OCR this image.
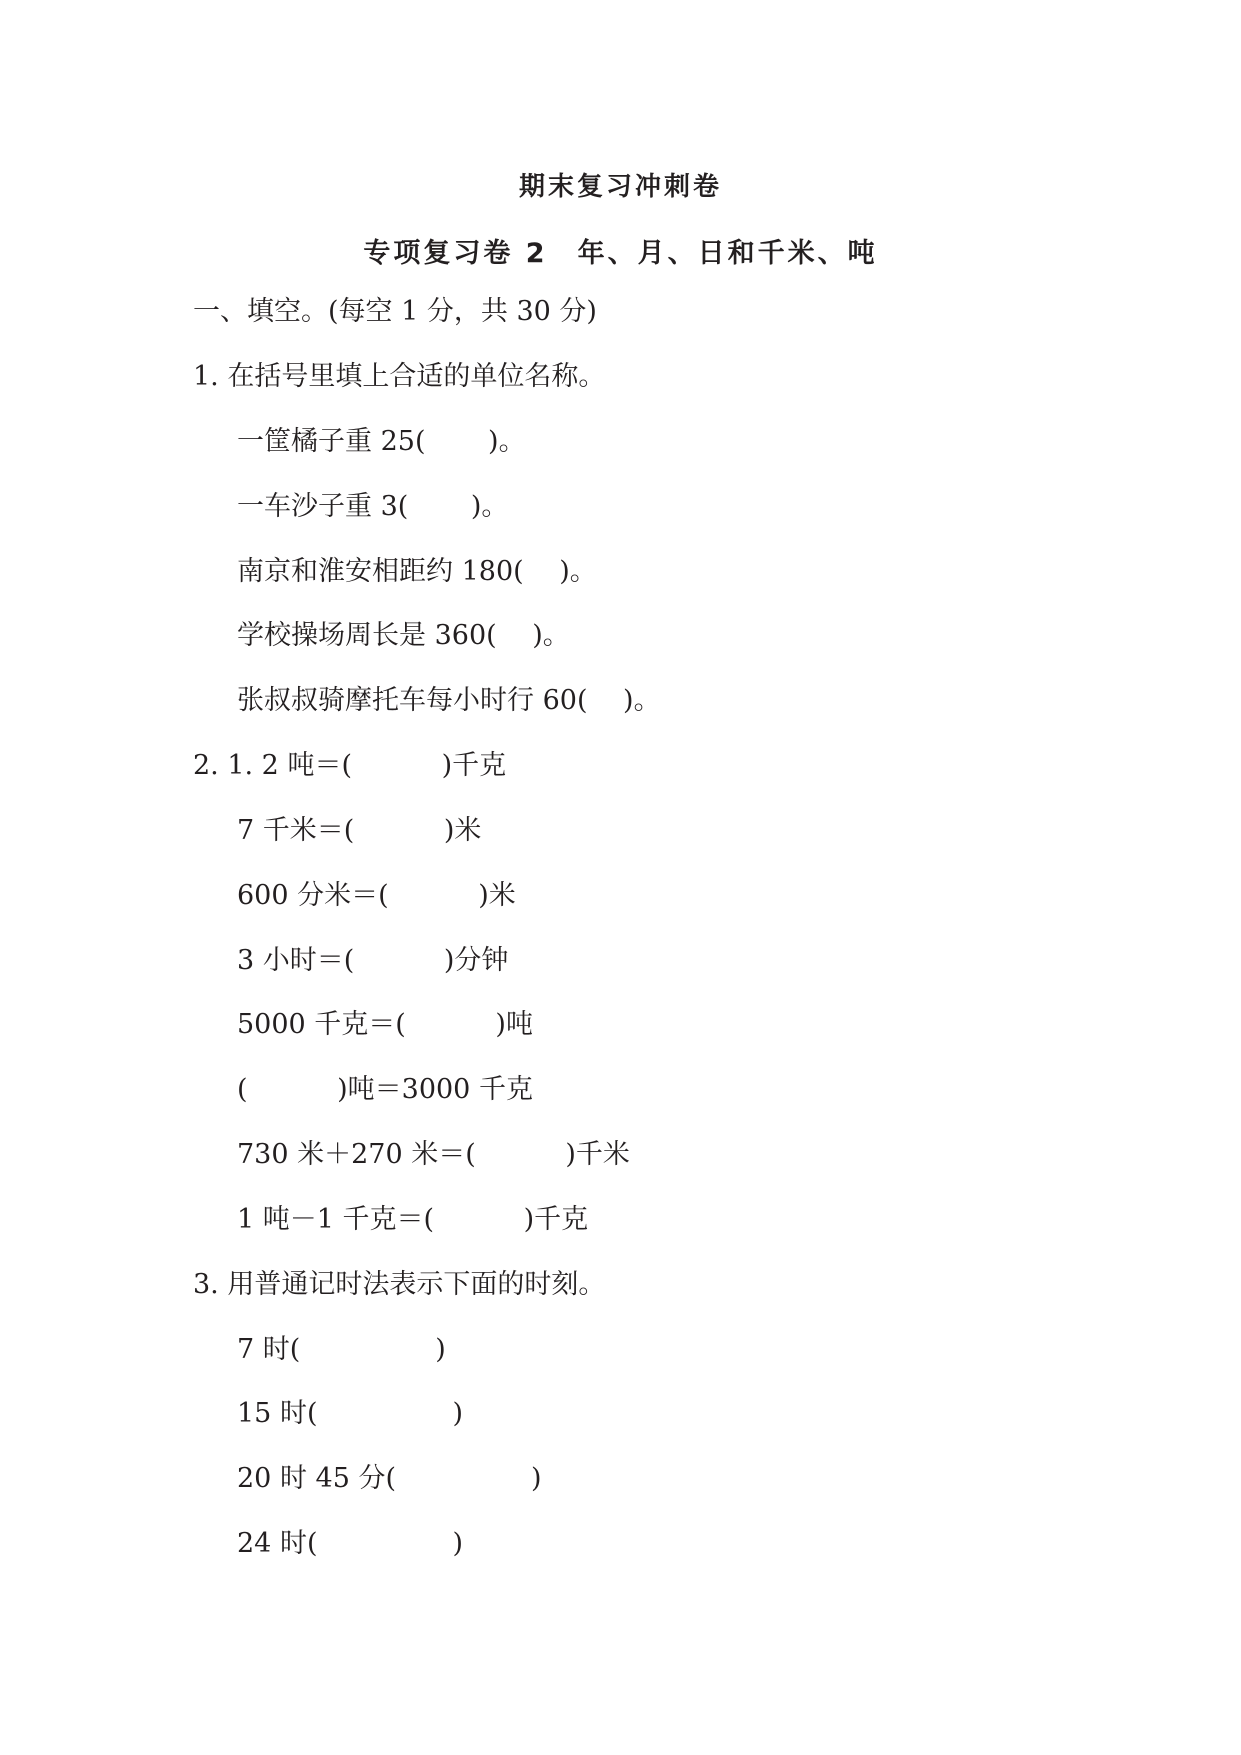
期末复习冲刺卷
专项复习卷 2　年、月、日和千米、吨
一、填空。(每空 1 分，共 30 分)
1. 在括号里填上合适的单位名称。
一筐橘子重 25(　　 )。
一车沙子重 3(　　 )。
南京和淮安相距约 180(　 )。
学校操场周长是 360(　 )。
张叔叔骑摩托车每小时行 60(　 )。
2. 1. 2 吨＝(　　　 )千克
7 千米＝(　　　 )米
600 分米＝(　　　 )米
3 小时＝(　　　 )分钟
5000 千克＝(　　　 )吨
(　　　 )吨＝3000 千克
730 米＋270 米＝(　　　 )千米
1 吨－1 千克＝(　　　 )千克
3. 用普通记时法表示下面的时刻。
7 时(　　　　　)
15 时(　　　　　)
20 时 45 分(　　　　　)
24 时(　　　　　)
